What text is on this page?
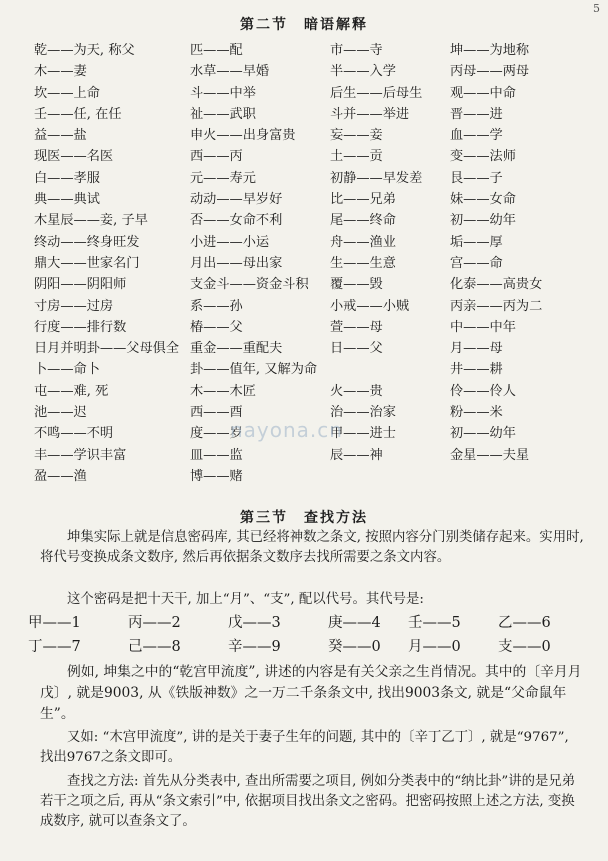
5
第二节　暗语解释
乾——为天, 称父	匹——配	市——寺	坤——为地称
木——妻	水草——早婚	半——入学	丙母——两母
坎——上命	斗——中举	后生——后母生 观——中命
壬——任, 在任	祉——武职	斗并——举进	晋——进
益——盐	申火——出身富贵	妄——妾	血——学
现医——名医	西——丙	土——贡	变——法师
白——孝服	元——寿元	初静——早发差 艮——子
典——典试	动动——早岁好	比——兄弟	妹——女命
木星辰——妾, 子早	否——女命不利	尾——终命	初——幼年
终动——终身旺发	小进——小运	舟——渔业	垢——厚
鼎大——世家名门	月出——母出家	生——生意	宫——命
阴阳——阴阳师	支金斗——资金斗积 覆——毁	化泰——高贵女
寸房——过房	系——孙	小戒——小贼	丙亲——丙为二
行度——排行数	椿——父	萱——母	中——中年
日月并明卦——父母俱全 重金——重配夫	日——父	月——母
卜——命卜	卦——值年, 又解为命	井——耕
屯——难, 死	木——木匠	火——贵	伶——伶人
池——迟	西——酉	治——治家	粉——米
不鸣——不明	度——岁	甲——进士	初——幼年
丰——学识丰富	皿——监	辰——神	金星——夫星
盈——渔	博——赌
第三节　查找方法
坤集实际上就是信息密码库, 其已经将神数之条文, 按照内容分门别类储存起来。实用时, 将代号变换成条文数序, 然后再依据条文数序去找所需要之条文内容。
这个密码是把十天干, 加上“月”、“支”, 配以代号。其代号是:
甲——1	丙——2	戊——3	庚——4 壬——5	乙——6
丁——7	己——8	辛——9	癸——0 月——0	支——0
例如, 坤集之中的“乾宫甲流度”, 讲述的内容是有关父亲之生肖情况。其中的〔辛月月戊〕, 就是9003, 从《铁版神数》之一万二千条条文中, 找出9003条文, 就是“父命鼠年生”。
又如: “木宫甲流度”, 讲的是关于妻子生年的问题, 其中的〔辛丁乙丁〕, 就是“9767”, 找出9767之条文即可。
查找之方法: 首先从分类表中, 查出所需要之项目, 例如分类表中的“纳比卦”讲的是兄弟若干之项之后, 再从“条文索引”中, 依据项目找出条文之密码。把密码按照上述之方法, 变换成数序, 就可以查条文了。
nayona.cn
